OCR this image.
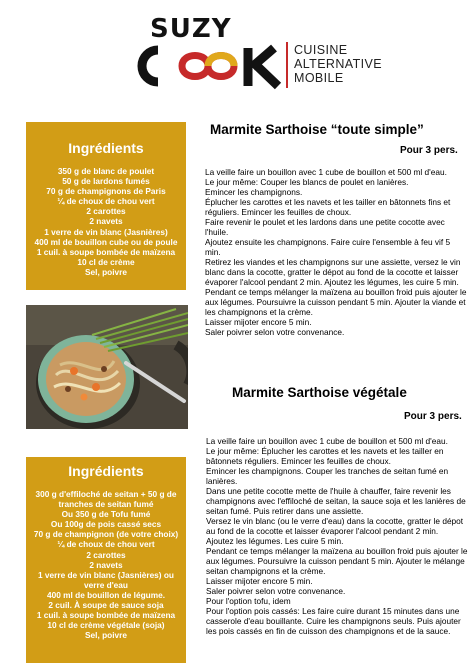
SUZY
CUISINE
ALTERNATIVE
MOBILE
Ingrédients
350 g de blanc de poulet
50 g de lardons fumés
70 g de champignons de Paris
¼ de choux de chou vert
2 carottes
2 navets
1 verre de vin blanc (Jasnières)
400 ml de bouillon cube ou de poule
1 cuil. à soupe bombée de maïzena
10 cl de crème
Sel, poivre
Ingrédients
300 g d'effiloché de seitan + 50 g de
tranches de seitan fumé
Ou 350 g de Tofu fumé
Ou 100g de pois cassé secs
70 g de champignon (de votre choix)
¼ de choux de chou vert
2 carottes
2 navets
1 verre de vin blanc (Jasnières) ou
verre d'eau
400 ml de bouillon de légume.
2 cuil. À soupe de sauce soja
1 cuil. à soupe bombée de maïzena
10 cl de crème végétale (soja)
Sel, poivre
Marmite Sarthoise “toute simple”
Pour 3 pers.
La veille faire un bouillon avec 1 cube de bouillon et 500 ml d'eau.
Le jour même: Couper les blancs de poulet en lanières.
Emincer les champignons.
Éplucher les carottes et les navets et les tailler en bâtonnets fins et
réguliers. Emincer les feuilles de choux.
Faire revenir le poulet et les lardons dans une petite cocotte avec l'huile.
Ajoutez ensuite les champignons. Faire cuire l'ensemble à feu vif 5 min.
Retirez les viandes et les champignons sur une assiette, versez le vin
blanc dans la cocotte, gratter le dépot au fond de la cocotte et laisser
évaporer l'alcool pendant 2 min. Ajoutez les légumes, les cuire 5 min.
Pendant ce temps mélanger la maïzena au bouillon froid puis ajouter le
aux légumes. Poursuivre la cuisson pendant 5 min. Ajouter la viande et
les champignons et la crème.
Laisser mijoter encore 5 min.
Saler poivrer selon votre convenance.
Marmite Sarthoise végétale
Pour 3 pers.
La veille faire un bouillon avec 1 cube de bouillon et 500 ml d'eau.
Le jour même: Éplucher les carottes et les navets et les tailler en
bâtonnets réguliers. Emincer les feuilles de choux.
Emincer les champignons. Couper les tranches de seitan fumé en
lanières.
Dans une petite cocotte mette de l'huile à chauffer, faire revenir les
champignons avec l'effiloché de seitan, la sauce soja et les lanières de
seitan fumé. Puis retirer dans une assiette.
Versez le vin blanc (ou le verre d'eau) dans la cocotte, gratter le dépot
au fond de la cocotte et laisser évaporer l'alcool pendant 2 min.
Ajoutez les légumes. Les cuire 5 min.
Pendant ce temps mélanger la maïzena au bouillon froid puis ajouter le
aux légumes. Poursuivre la cuisson pendant 5 min. Ajouter le mélange
seitan champignons et la crème.
Laisser mijoter encore 5 min.
Saler poivrer selon votre convenance.
Pour l'option tofu, idem
Pour l'option pois cassés: Les faire cuire durant 15 minutes dans une
casserole d'eau bouillante. Cuire les champignons seuls. Puis ajouter
les pois cassés en fin de cuisson des champignons et de la sauce.
